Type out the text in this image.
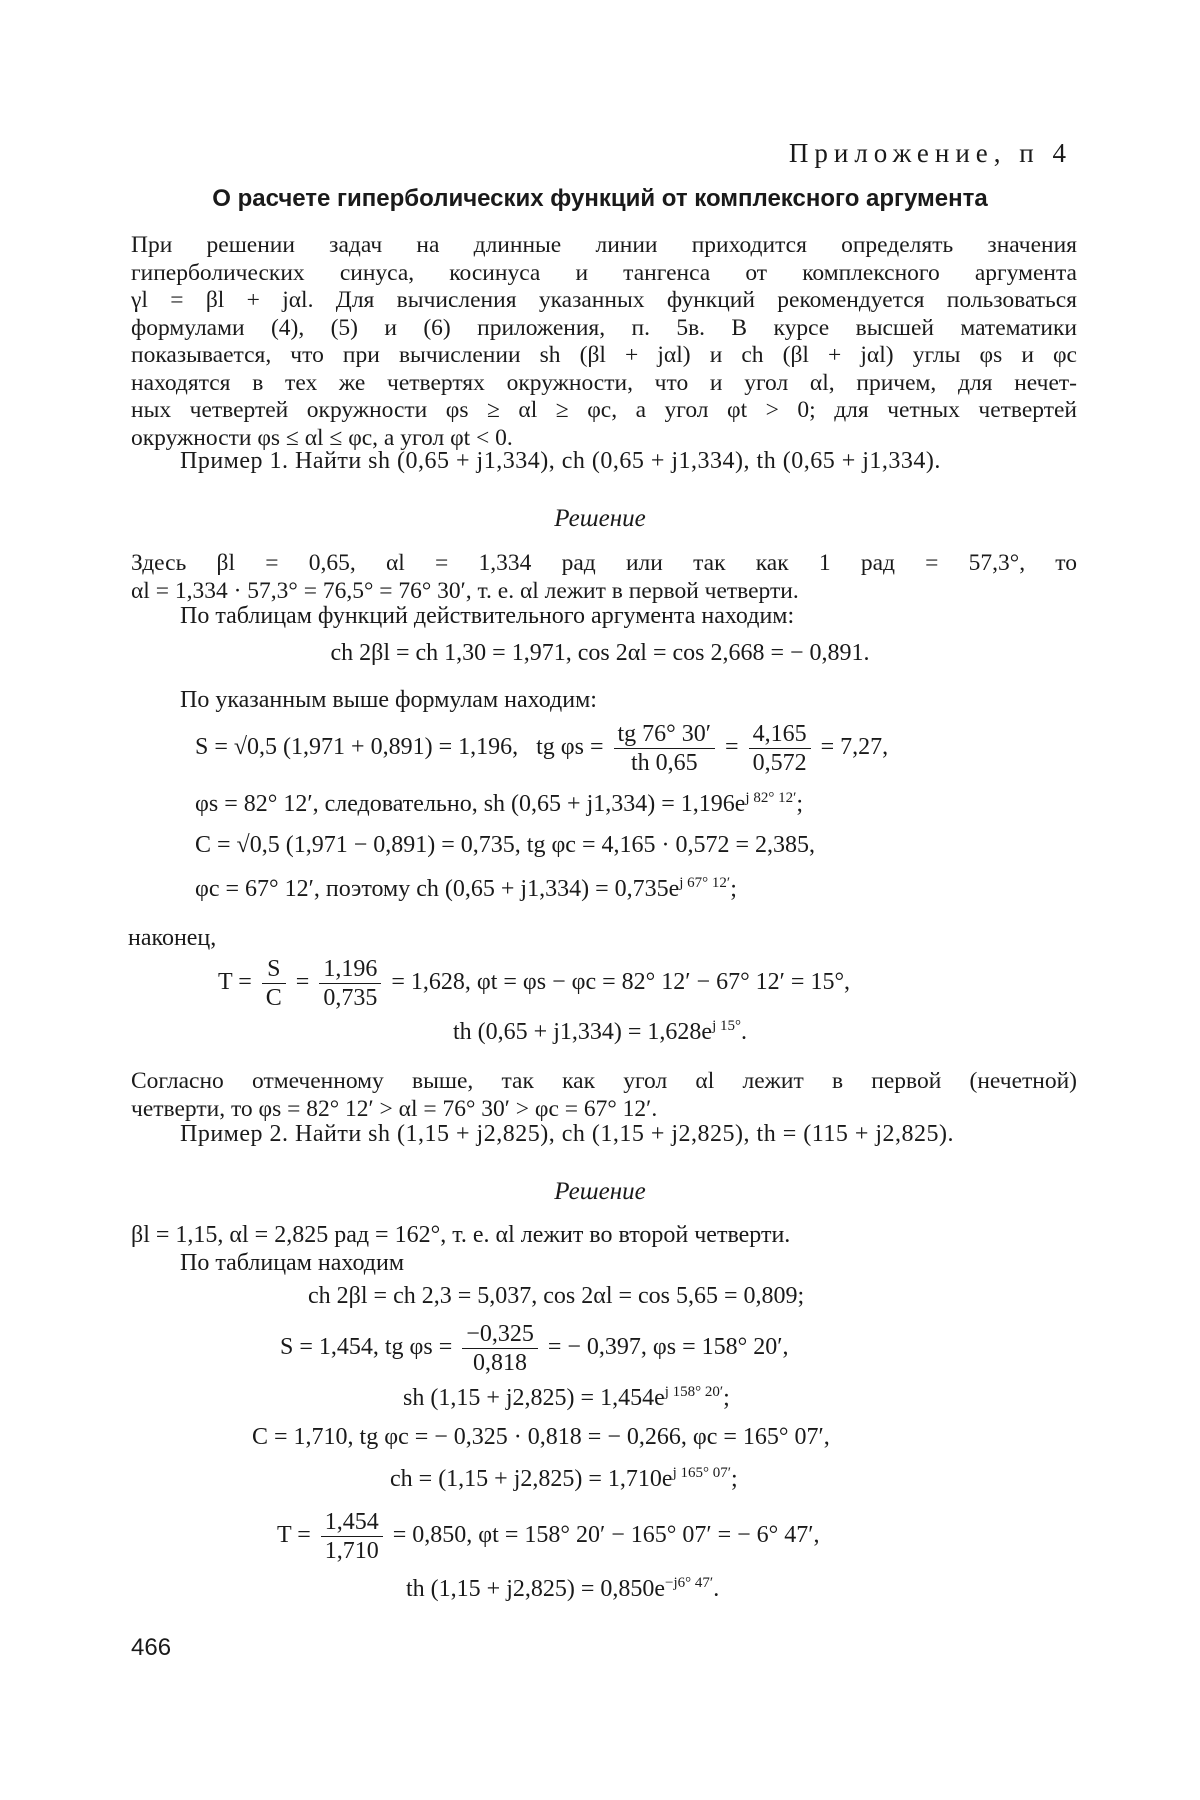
Приложение, п 4
О расчете гиперболических функций от комплексного аргумента

При решении задач на длинные линии приходится определять значения
гиперболических синуса, косинуса и тангенса от комплексного аргумента
γl = βl + jαl. Для вычисления указанных функций рекомендуется пользоваться
формулами (4), (5) и (6) приложения, п. 5в. В курсе высшей математики
показывается, что при вычислении sh (βl + jαl) и ch (βl + jαl) углы φs и φc
находятся в тех же четвертях окружности, что и угол αl, причем, для нечет-
ных четвертей окружности φs ≥ αl ≥ φc, а угол φt > 0; для четных четвертей
окружности φs ≤ αl ≤ φc, а угол φt < 0.

Пример 1. Найти sh (0,65 + j1,334), ch (0,65 + j1,334), th (0,65 + j1,334).
Решение

Здесь βl = 0,65, αl = 1,334 рад или так как 1 рад = 57,3°, то
αl = 1,334 · 57,3° = 76,5° = 76° 30′, т. е. αl лежит в первой четверти.

По таблицам функций действительного аргумента находим:
ch 2βl = ch 1,30 = 1,971, cos 2αl = cos 2,668 = − 0,891.
По указанным выше формулам находим:
S = √0,5 (1,971 + 0,891) = 1,196, tg $\varphi s = \frac{tg 76^\circ 30'}{th 0,65} = \frac{4,165}{0,572} = 7,27$,
φs = 82° 12′, следовательно, sh $(0,65 + j1,334) = 1,196e^{j 82^\circ 12'}$;
C = √0,5 (1,971 − 0,891) = 0,735, tg φc = 4,165 · 0,572 = 2,385,
φc = 67° 12′, поэтому ch $(0,65 + j1,334) = 0,735e^{j 67^\circ 12'}$;
наконец,
$T = \frac{S}{C} = \frac{1,196}{0,735} = 1,628$, φt = φs − φc = 82° 12′ − 67° 12′ = 15°,
th $(0,65 + j1,334) = 1,628e^{j 15^\circ}$.

Согласно отмеченному выше, так как угол αl лежит в первой (нечетной)
четверти, то φs = 82° 12′ > αl = 76° 30′ > φc = 67° 12′.

Пример 2. Найти sh (1,15 + j2,825), ch (1,15 + j2,825), th = (115 + j2,825).
Решение
βl = 1,15, αl = 2,825 рад = 162°, т. е. αl лежит во второй четверти.
По таблицам находим
ch 2βl = ch 2,3 = 5,037, cos 2αl = cos 5,65 = 0,809;
S = 1,454, tg $\varphi s = \frac{-0,325}{0,818}$ = − 0,397, φs = 158° 20′,
sh $(1,15 + j2,825) = 1,454e^{j 158^\circ 20'}$;
C = 1,710, tg φc = − 0,325 · 0,818 = − 0,266, φc = 165° 07′,
ch = $(1,15 + j2,825) = 1,710e^{j 165^\circ 07'}$;
$T = \frac{1,454}{1,710} = 0,850$, φt = 158° 20′ − 165° 07′ = − 6° 47′,
th $(1,15 + j2,825) = 0,850e^{-j6^\circ 47'}$.
466
